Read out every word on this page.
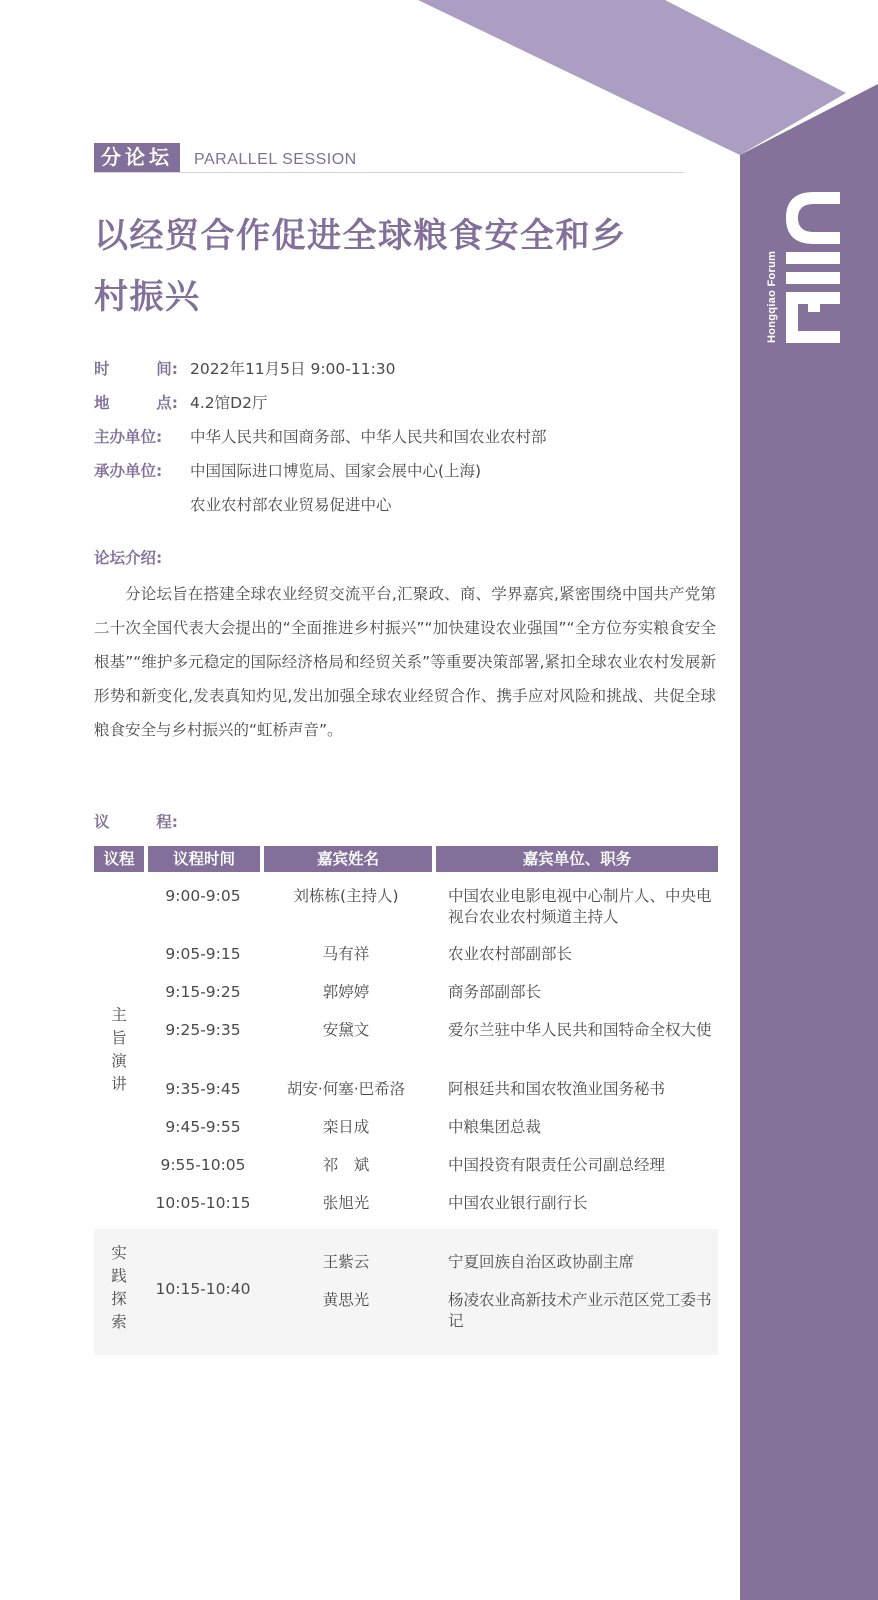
Hongqiao Forum
分论坛	PARALLEL SESSION
以经贸合作促进全球粮食安全和乡村振兴
时	间: 2022年11月5日 9:00-11:30
地	点: 4.2馆D2厅
主办单位:	中华人民共和国商务部、中华人民共和国农业农村部
承办单位:	中国国际进口博览局、国家会展中心(上海)
农业农村部农业贸易促进中心
论坛介绍:

分论坛旨在搭建全球农业经贸交流平台,汇聚政、商、学界嘉宾,紧密围绕中国共产党第二十次全国代表大会提出的“全面推进乡村振兴”“加快建设农业强国”“全方位夯实粮食安全根基”“维护多元稳定的国际经济格局和经贸关系”等重要决策部署,紧扣全球农业农村发展新形势和新变化,发表真知灼见,发出加强全球农业经贸合作、携手应对风险和挑战、共促全球粮食安全与乡村振兴的“虹桥声音”。

议	程:
议程	议程时间	嘉宾姓名	嘉宾单位、职务
主旨演讲
9:00-9:05	刘栋栋(主持人)	中国农业电影电视中心制片人、中央电视台农业农村频道主持人
9:05-9:15	马有祥	农业农村部副部长
9:15-9:25	郭婷婷	商务部副部长
9:25-9:35	安黛文	爱尔兰驻中华人民共和国特命全权大使
9:35-9:45	胡安·何塞·巴希洛	阿根廷共和国农牧渔业国务秘书
9:45-9:55	栾日成	中粮集团总裁
9:55-10:05	祁　斌	中国投资有限责任公司副总经理
10:05-10:15	张旭光	中国农业银行副行长
实践探索
10:15-10:40
王紫云	宁夏回族自治区政协副主席
黄思光	杨凌农业高新技术产业示范区党工委书记
